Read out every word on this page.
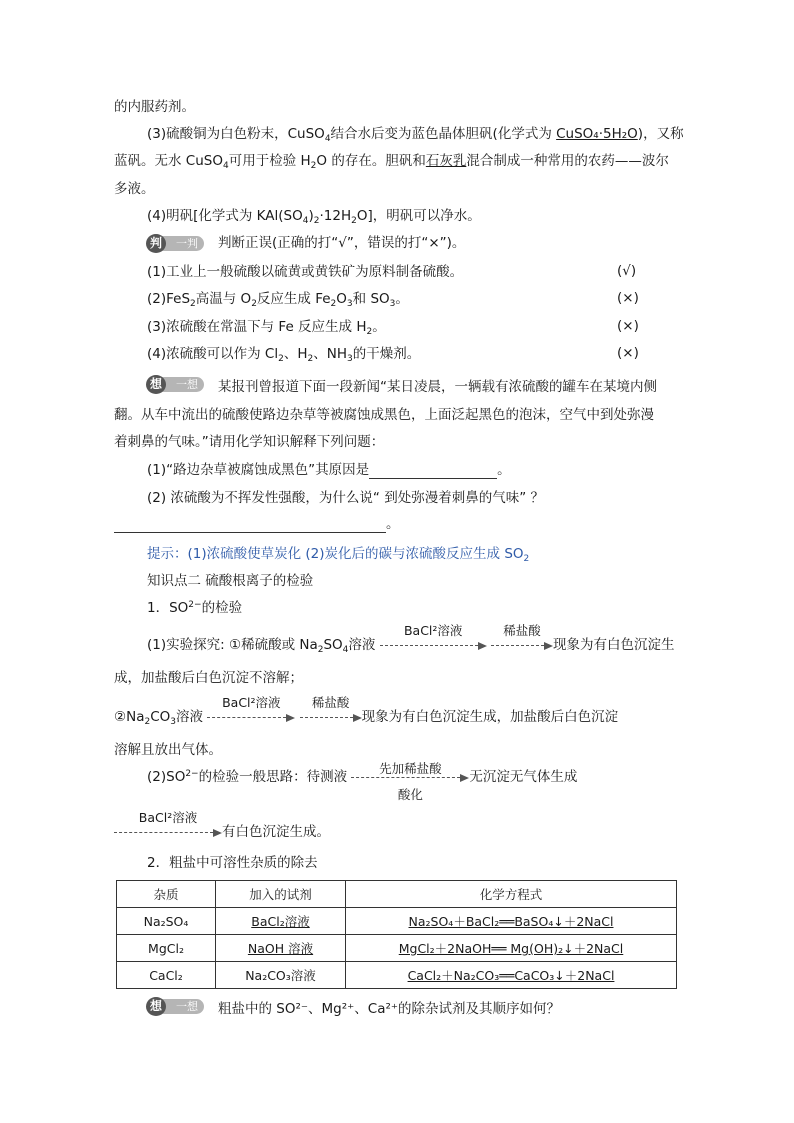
的内服药剂。
(3)硫酸铜为白色粉末，CuSO$_4$结合水后变为蓝色晶体胆矾(化学式为 CuSO₄·5H₂O)，又称
蓝矾。无水 CuSO$_4$可用于检验 $H_2O$ 的存在。胆矾和石灰乳混合制成一种常用的农药——波尔
多液。
(4)明矾[化学式为 $KAl(SO_4)_2\cdot 12H_2O$]，明矾可以净水。
判	一判	判断正误(正确的打“√”，错误的打“×”)。
(1)工业上一般硫酸以硫黄或黄铁矿为原料制备硫酸。	(√)
(2)FeS$_2$高温与 $O_2$反应生成 $Fe_2O_3$和 $SO_3$。	(×)
(3)浓硫酸在常温下与 Fe 反应生成 $H_2$。	(×)
(4)浓硫酸可以作为 $Cl_2$、$H_2$、$NH_3$的干燥剂。	(×)
想	一想	某报刊曾报道下面一段新闻“某日凌晨，一辆载有浓硫酸的罐车在某境内侧
翻。从车中流出的硫酸使路边杂草等被腐蚀成黑色，上面泛起黑色的泡沫，空气中到处弥漫
着刺鼻的气味。”请用化学知识解释下列问题：
(1)“路边杂草被腐蚀成黑色”其原因是	。
(2) 浓硫酸为不挥发性强酸，为什么说“ 到处弥漫着刺鼻的气味” ？
。
提示：(1)浓硫酸使草炭化 (2)炭化后的碳与浓硫酸反应生成 $SO_2$
知识点二 硫酸根离子的检验
1．$SO^{2-}$的检验
(1)实验探究: ①稀硫酸或 $Na_2SO_4$溶液
BaCl²溶液
	稀盐酸
现象为有白色沉淀生
成，加盐酸后白色沉淀不溶解；
$②Na_2CO_3$溶液
BaCl²溶液
	稀盐酸
现象为有白色沉淀生成，加盐酸后白色沉淀
溶解且放出气体。
$(2)SO^{2-}$的检验一般思路：待测液
先加稀盐酸
酸化
无沉淀无气体生成
BaCl²溶液
有白色沉淀生成。
2．粗盐中可溶性杂质的除去
杂质	加入的试剂	化学方程式
Na₂SO₄	BaCl₂溶液	Na₂SO₄＋BaCl₂══BaSO₄↓＋2NaCl
MgCl₂	NaOH 溶液	MgCl₂＋2NaOH══ Mg(OH)₂↓＋2NaCl
CaCl₂	Na₂CO₃溶液	CaCl₂＋Na₂CO₃══CaCO₃↓＋2NaCl
想	一想	粗盐中的 SO²⁻、Mg²⁺、Ca²⁺的除杂试剂及其顺序如何？
